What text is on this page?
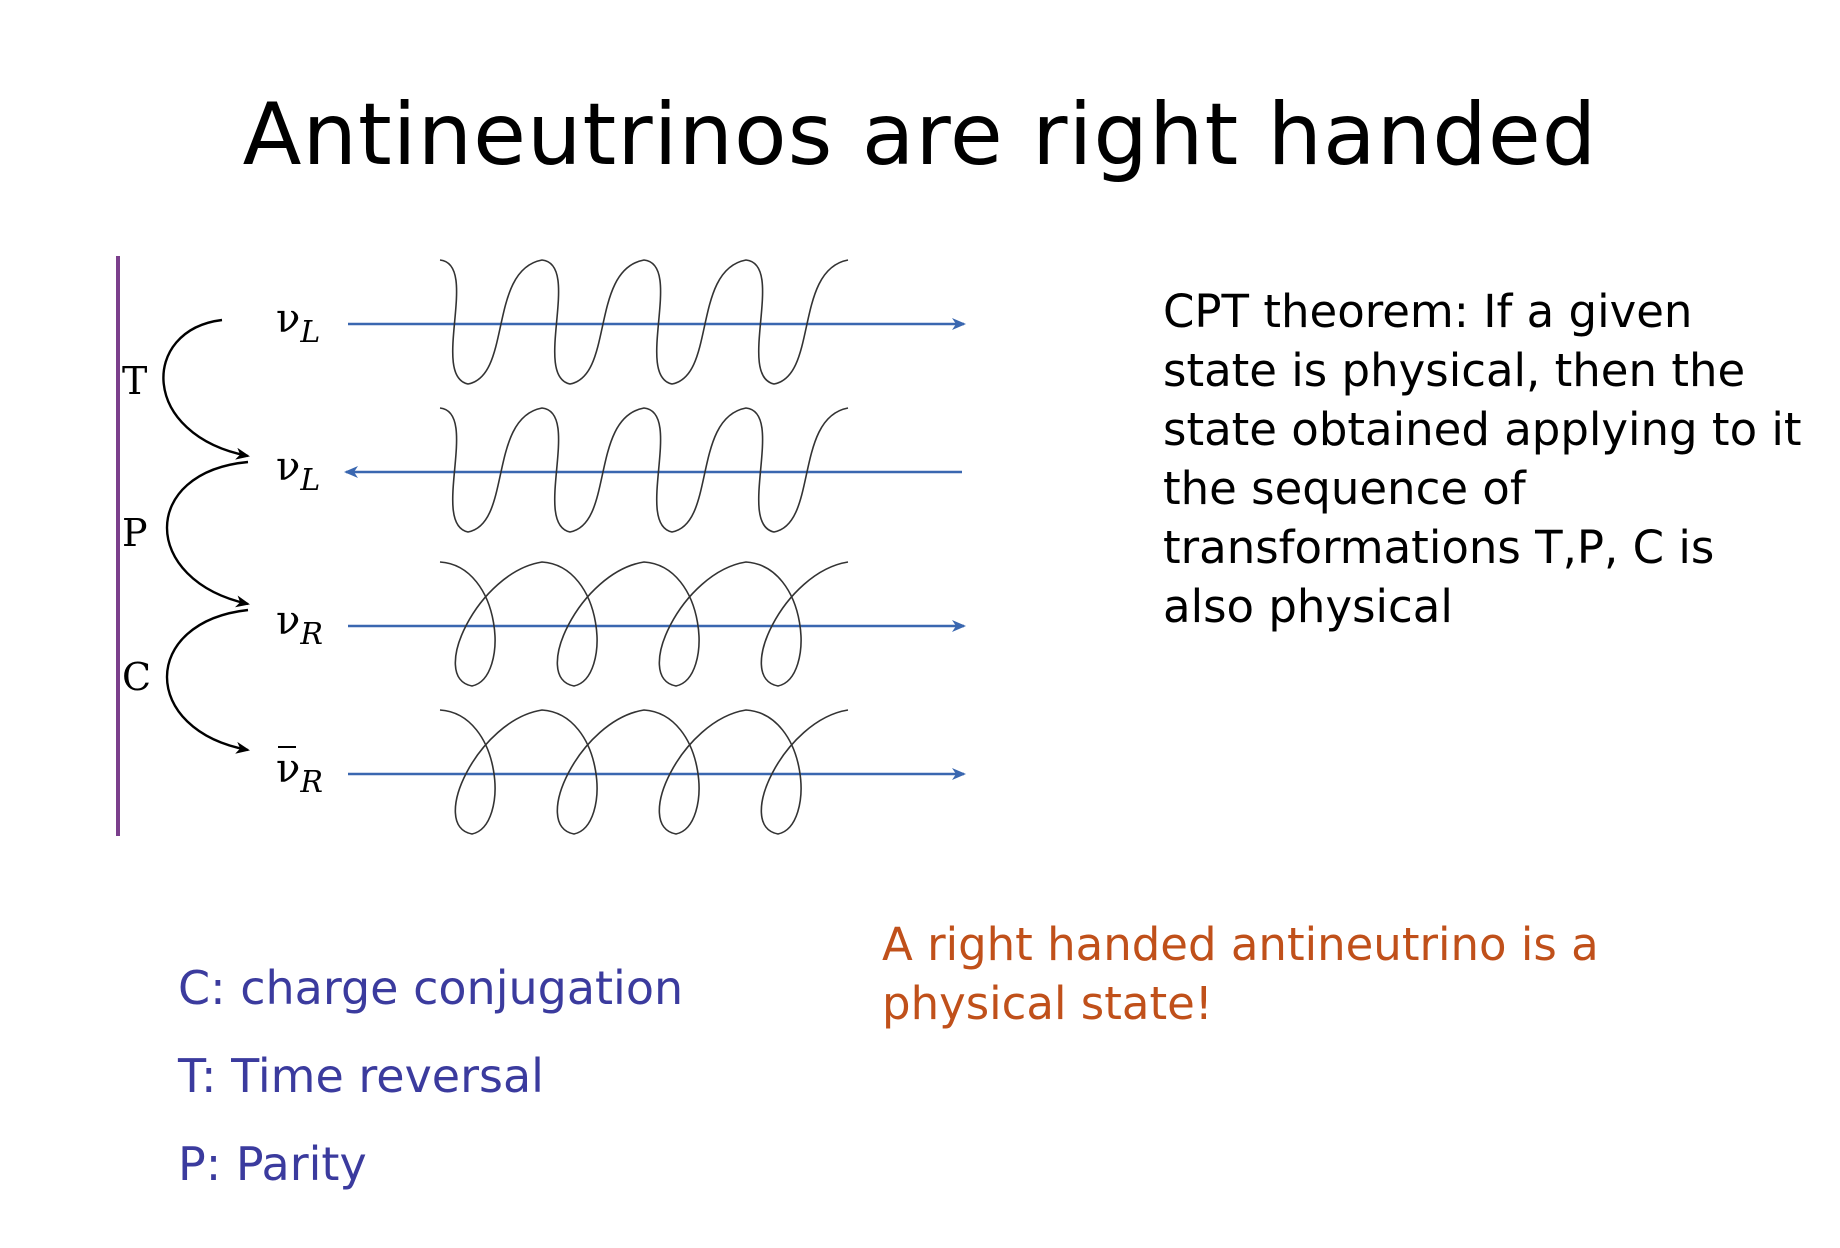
Antineutrinos are right handed
T
P
C
$\nu_L$
$\nu_L$
$\nu_R$
$\nu_R$

CPT theorem: If a given state is physical, then the state obtained applying to it the sequence of transformations T,P, C is also physical

C: charge conjugation
T: Time reversal
P: Parity

A right handed antineutrino is a physical state!
